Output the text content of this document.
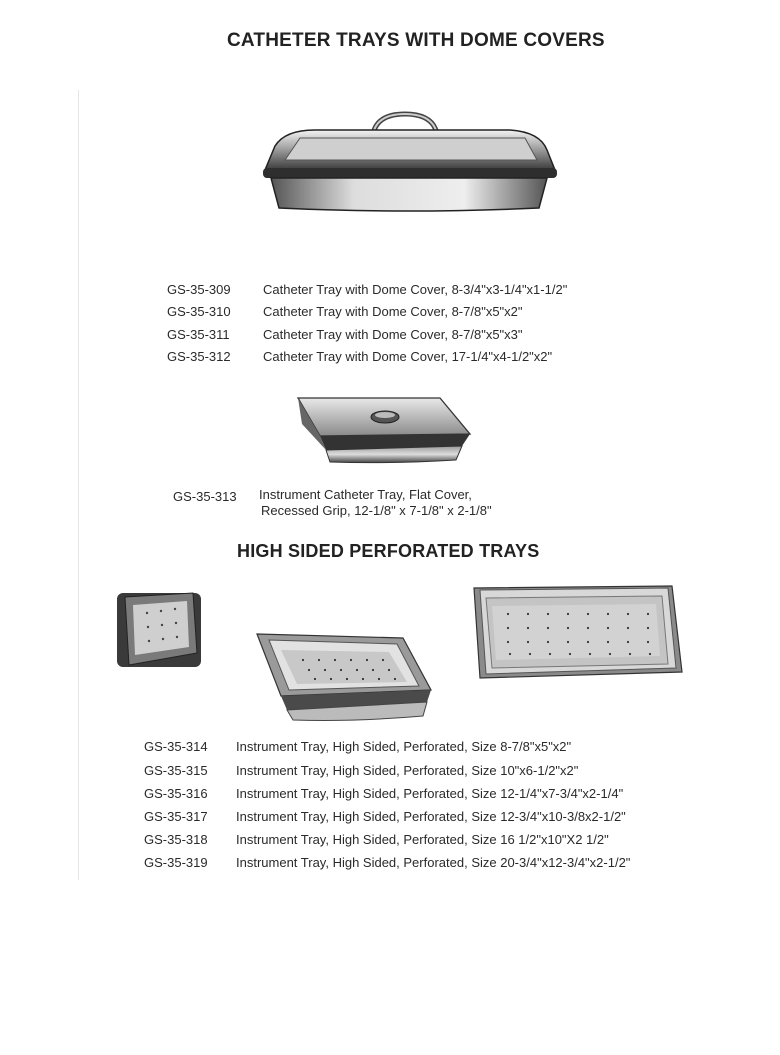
CATHETER TRAYS WITH DOME COVERS
GS-35-309 Catheter Tray with Dome Cover, 8-3/4"x3-1/4"x1-1/2"
GS-35-310 Catheter Tray with Dome Cover, 8-7/8"x5"x2"
GS-35-311	Catheter Tray with Dome Cover, 8-7/8"x5"x3"
GS-35-312 Catheter Tray with Dome Cover, 17-1/4"x4-1/2"x2"
GS-35-313 Instrument Catheter Tray, Flat Cover,
Recessed Grip, 12-1/8" x 7-1/8" x 2-1/8"
HIGH SIDED PERFORATED TRAYS
GS-35-314 Instrument Tray, High Sided, Perforated, Size 8-7/8"x5"x2"
GS-35-315 Instrument Tray, High Sided, Perforated, Size 10"x6-1/2"x2"
GS-35-316 Instrument Tray, High Sided, Perforated, Size 12-1/4"x7-3/4"x2-1/4"
GS-35-317 Instrument Tray, High Sided, Perforated, Size 12-3/4"x10-3/8x2-1/2"
GS-35-318 Instrument Tray, High Sided, Perforated, Size 16 1/2"x10"X2 1/2"
GS-35-319 Instrument Tray, High Sided, Perforated, Size 20-3/4"x12-3/4"x2-1/2"
